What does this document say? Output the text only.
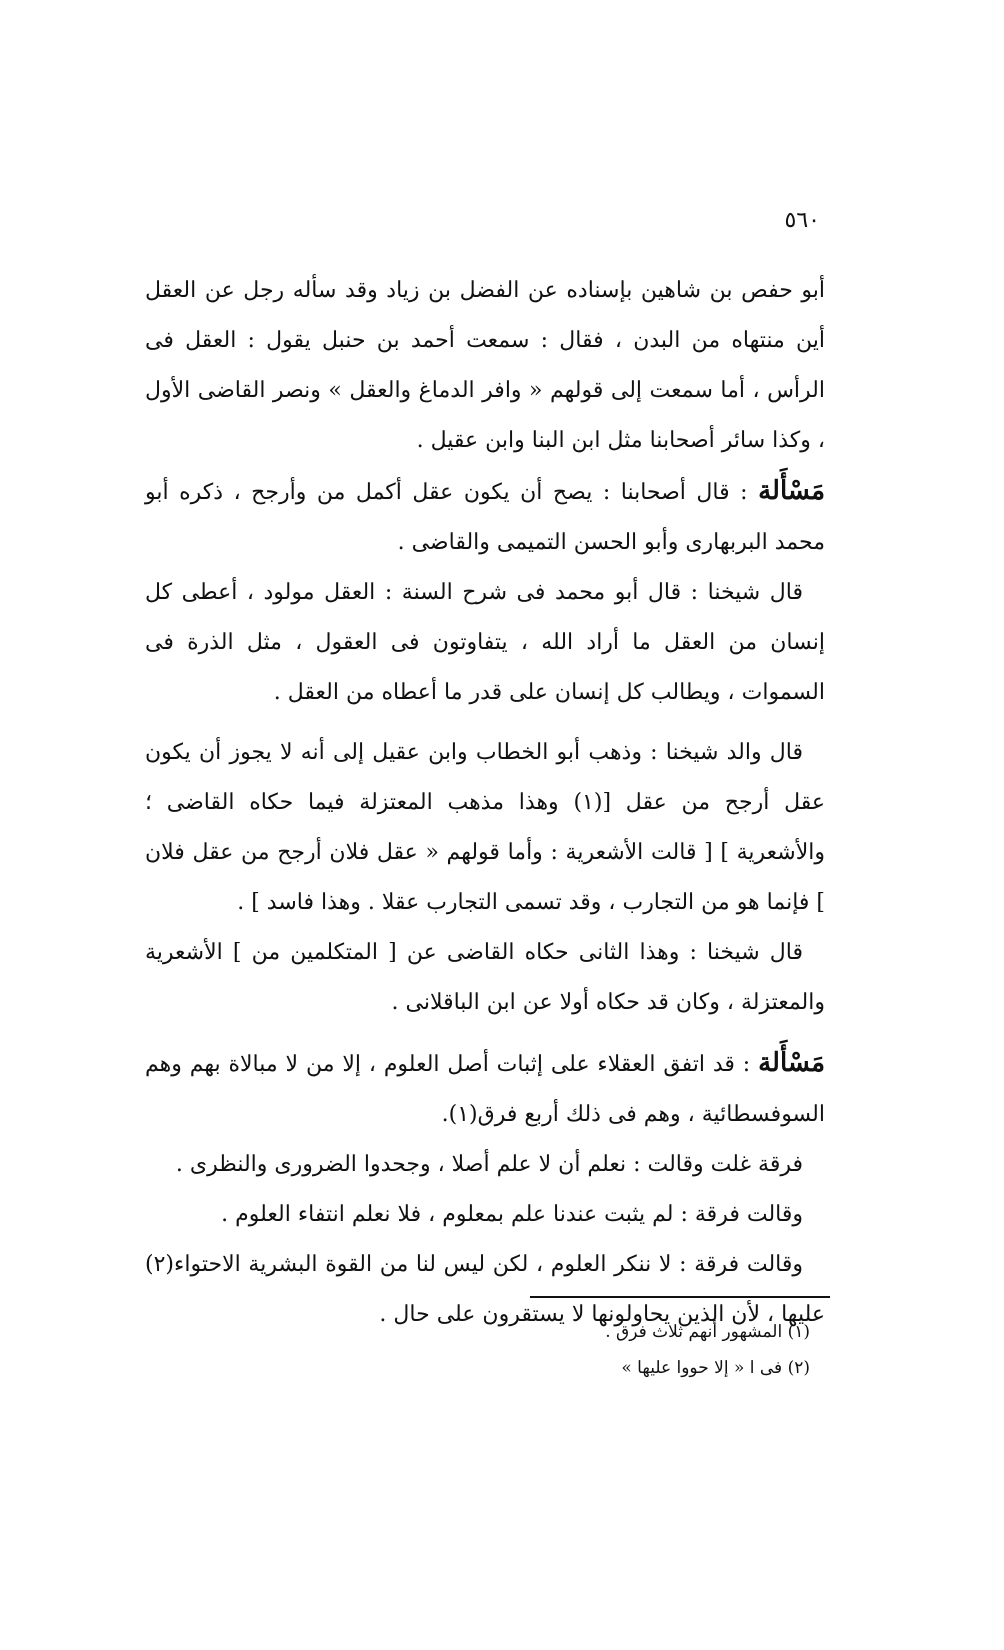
٥٦٠

أبو حفص بن شاهين بإسناده عن الفضل بن زياد وقد سأله رجل عن العقل أين منتهاه من البدن ، فقال : سمعت أحمد بن حنبل يقول : العقل فى الرأس ، أما سمعت إلى قولهم « وافر الدماغ والعقل » ونصر القاضى الأول ، وكذا سائر أصحابنا مثل ابن البنا وابن عقيل .

مَسْأَلة : قال أصحابنا : يصح أن يكون عقل أكمل من وأرجح ، ذكره أبو محمد البربهارى وأبو الحسن التميمى والقاضى .

قال شيخنا : قال أبو محمد فى شرح السنة : العقل مولود ، أعطى كل إنسان من العقل ما أراد الله ، يتفاوتون فى العقول ، مثل الذرة فى السموات ، ويطالب كل إنسان على قدر ما أعطاه من العقل .

قال والد شيخنا : وذهب أبو الخطاب وابن عقيل إلى أنه لا يجوز أن يكون عقل أرجح من عقل [(١) وهذا مذهب المعتزلة فيما حكاه القاضى ؛ والأشعرية ] [ قالت الأشعرية : وأما قولهم « عقل فلان أرجح من عقل فلان ] فإنما هو من التجارب ، وقد تسمى التجارب عقلا . وهذا فاسد ] .

قال شيخنا : وهذا الثانى حكاه القاضى عن [ المتكلمين من ] الأشعرية والمعتزلة ، وكان قد حكاه أولا عن ابن الباقلانى .

مَسْأَلة : قد اتفق العقلاء على إثبات أصل العلوم ، إلا من لا مبالاة بهم وهم السوفسطائية ، وهم فى ذلك أربع فرق(١).

فرقة غلت وقالت : نعلم أن لا علم أصلا ، وجحدوا الضرورى والنظرى .

وقالت فرقة : لم يثبت عندنا علم بمعلوم ، فلا نعلم انتفاء العلوم .

وقالت فرقة : لا ننكر العلوم ، لكن ليس لنا من القوة البشرية الاحتواء(٢) عليها ، لأن الذين يحاولونها لا يستقرون على حال .

(١) المشهور أنهم ثلاث فرق .

(٢) فى ا « إلا حووا عليها »
